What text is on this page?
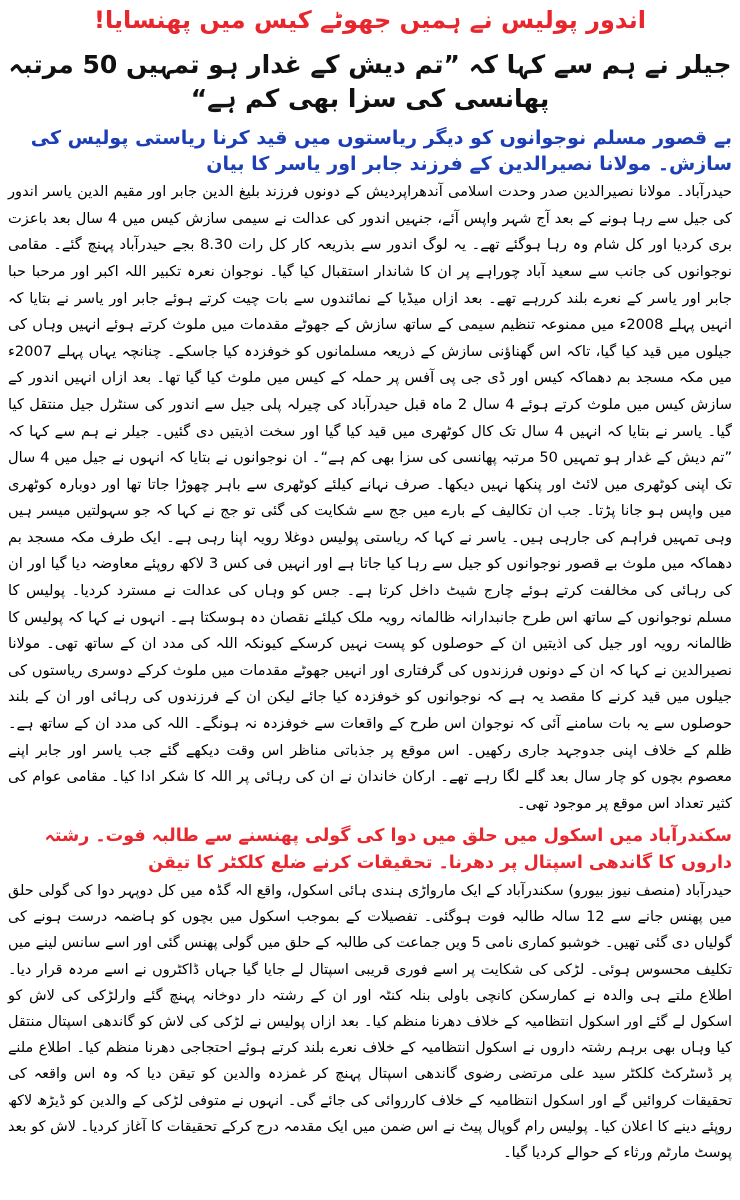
اندور پولیس نے ہمیں جھوٹے کیس میں پھنسایا!
جیلر نے ہم سے کہا کہ ”تم دیش کے غدار ہو تمہیں 50 مرتبہ پھانسی کی سزا بھی کم ہے“
بے قصور مسلم نوجوانوں کو دیگر ریاستوں میں قید کرنا ریاستی پولیس کی سازش۔ مولانا نصیرالدین کے فرزند جابر اور یاسر کا بیان

حیدرآباد۔ مولانا نصیرالدین صدر وحدت اسلامی آندھراپردیش کے دونوں فرزند بلیغ الدین جابر اور مقیم الدین یاسر اندور کی جیل سے رہا ہونے کے بعد آج شہر واپس آئے، جنہیں اندور کی عدالت نے سیمی سازش کیس میں 4 سال بعد باعزت بری کردیا اور کل شام وہ رہا ہوگئے تھے۔ یہ لوگ اندور سے بذریعہ کار کل رات 8.30 بجے حیدرآباد پہنچ گئے۔ مقامی نوجوانوں کی جانب سے سعید آباد چوراہے پر ان کا شاندار استقبال کیا گیا۔ نوجوان نعرہ تکبیر اللہ اکبر اور مرحبا حبا جابر اور یاسر کے نعرے بلند کررہے تھے۔ بعد ازاں میڈیا کے نمائندوں سے بات چیت کرتے ہوئے جابر اور یاسر نے بتایا کہ انہیں پہلے 2008ء میں ممنوعہ تنظیم سیمی کے ساتھ سازش کے جھوٹے مقدمات میں ملوث کرتے ہوئے انہیں وہاں کی جیلوں میں قید کیا گیا، تاکہ اس گھناؤنی سازش کے ذریعہ مسلمانوں کو خوفزدہ کیا جاسکے۔ چنانچہ یہاں پہلے 2007ء میں مکہ مسجد بم دھماکہ کیس اور ڈی جی پی آفس پر حملہ کے کیس میں ملوث کیا گیا تھا۔ بعد ازاں انہیں اندور کے سازش کیس میں ملوث کرتے ہوئے 4 سال 2 ماہ قبل حیدرآباد کی چیرلہ پلی جیل سے اندور کی سنٹرل جیل منتقل کیا گیا۔ یاسر نے بتایا کہ انہیں 4 سال تک کال کوٹھری میں قید کیا گیا اور سخت اذیتیں دی گئیں۔ جیلر نے ہم سے کہا کہ ”تم دیش کے غدار ہو تمہیں 50 مرتبہ پھانسی کی سزا بھی کم ہے“۔ ان نوجوانوں نے بتایا کہ انہوں نے جیل میں 4 سال تک اپنی کوٹھری میں لائٹ اور پنکھا نہیں دیکھا۔ صرف نہانے کیلئے کوٹھری سے باہر چھوڑا جاتا تھا اور دوبارہ کوٹھری میں واپس ہو جانا پڑتا۔ جب ان تکالیف کے بارے میں جج سے شکایت کی گئی تو جج نے کہا کہ جو سہولتیں میسر ہیں وہی تمہیں فراہم کی جارہی ہیں۔ یاسر نے کہا کہ ریاستی پولیس دوغلا رویہ اپنا رہی ہے۔ ایک طرف مکہ مسجد بم دھماکہ میں ملوث بے قصور نوجوانوں کو جیل سے رہا کیا جاتا ہے اور انہیں فی کس 3 لاکھ روپئے معاوضہ دیا گیا اور ان کی رہائی کی مخالفت کرتے ہوئے چارج شیٹ داخل کرتا ہے۔ جس کو وہاں کی عدالت نے مسترد کردیا۔ پولیس کا مسلم نوجوانوں کے ساتھ اس طرح جانبدارانہ ظالمانہ رویہ ملک کیلئے نقصان دہ ہوسکتا ہے۔ انہوں نے کہا کہ پولیس کا ظالمانہ رویہ اور جیل کی اذیتیں ان کے حوصلوں کو پست نہیں کرسکے کیونکہ اللہ کی مدد ان کے ساتھ تھی۔ مولانا نصیرالدین نے کہا کہ ان کے دونوں فرزندوں کی گرفتاری اور انہیں جھوٹے مقدمات میں ملوث کرکے دوسری ریاستوں کی جیلوں میں قید کرنے کا مقصد یہ ہے کہ نوجوانوں کو خوفزدہ کیا جائے لیکن ان کے فرزندوں کی رہائی اور ان کے بلند حوصلوں سے یہ بات سامنے آئی کہ نوجوان اس طرح کے واقعات سے خوفزدہ نہ ہونگے۔ اللہ کی مدد ان کے ساتھ ہے۔ ظلم کے خلاف اپنی جدوجہد جاری رکھیں۔ اس موقع پر جذباتی مناظر اس وقت دیکھے گئے جب یاسر اور جابر اپنے معصوم بچوں کو چار سال بعد گلے لگا رہے تھے۔ ارکان خاندان نے ان کی رہائی پر اللہ کا شکر ادا کیا۔ مقامی عوام کی کثیر تعداد اس موقع پر موجود تھی۔

سکندرآباد میں اسکول میں حلق میں دوا کی گولی پھنسنے سے طالبہ فوت۔ رشتہ داروں کا گاندھی اسپتال پر دھرنا۔ تحقیقات کرنے ضلع کلکٹر کا تیقن

حیدرآباد (منصف نیوز بیورو) سکندرآباد کے ایک مارواڑی ہندی ہائی اسکول، واقع الہ گڈہ میں کل دوپہر دوا کی گولی حلق میں پھنس جانے سے 12 سالہ طالبہ فوت ہوگئی۔ تفصیلات کے بموجب اسکول میں بچوں کو ہاضمہ درست ہونے کی گولیاں دی گئی تھیں۔ خوشبو کماری نامی 5 ویں جماعت کی طالبہ کے حلق میں گولی پھنس گئی اور اسے سانس لینے میں تکلیف محسوس ہوئی۔ لڑکی کی شکایت پر اسے فوری قریبی اسپتال لے جایا گیا جہاں ڈاکٹروں نے اسے مردہ قرار دیا۔ اطلاع ملتے ہی والدہ نے کمارسکن کانچی باولی بنلہ کنٹہ اور ان کے رشتہ دار دوخانہ پہنچ گئے وارلڑکی کی لاش کو اسکول لے گئے اور اسکول انتظامیہ کے خلاف دھرنا منظم کیا۔ بعد ازاں پولیس نے لڑکی کی لاش کو گاندھی اسپتال منتقل کیا وہاں بھی برہم رشتہ داروں نے اسکول انتظامیہ کے خلاف نعرے بلند کرتے ہوئے احتجاجی دھرنا منظم کیا۔ اطلاع ملنے پر ڈسٹرکٹ کلکٹر سید علی مرتضی رضوی گاندھی اسپتال پہنچ کر غمزدہ والدین کو تیقن دیا کہ وہ اس واقعہ کی تحقیقات کروائیں گے اور اسکول انتظامیہ کے خلاف کارروائی کی جائے گی۔ انہوں نے متوفی لڑکی کے والدین کو ڈیڑھ لاکھ روپئے دینے کا اعلان کیا۔ پولیس رام گوپال پیٹ نے اس ضمن میں ایک مقدمہ درج کرکے تحقیقات کا آغاز کردیا۔ لاش کو بعد پوسٹ مارٹم ورثاء کے حوالے کردیا گیا۔
